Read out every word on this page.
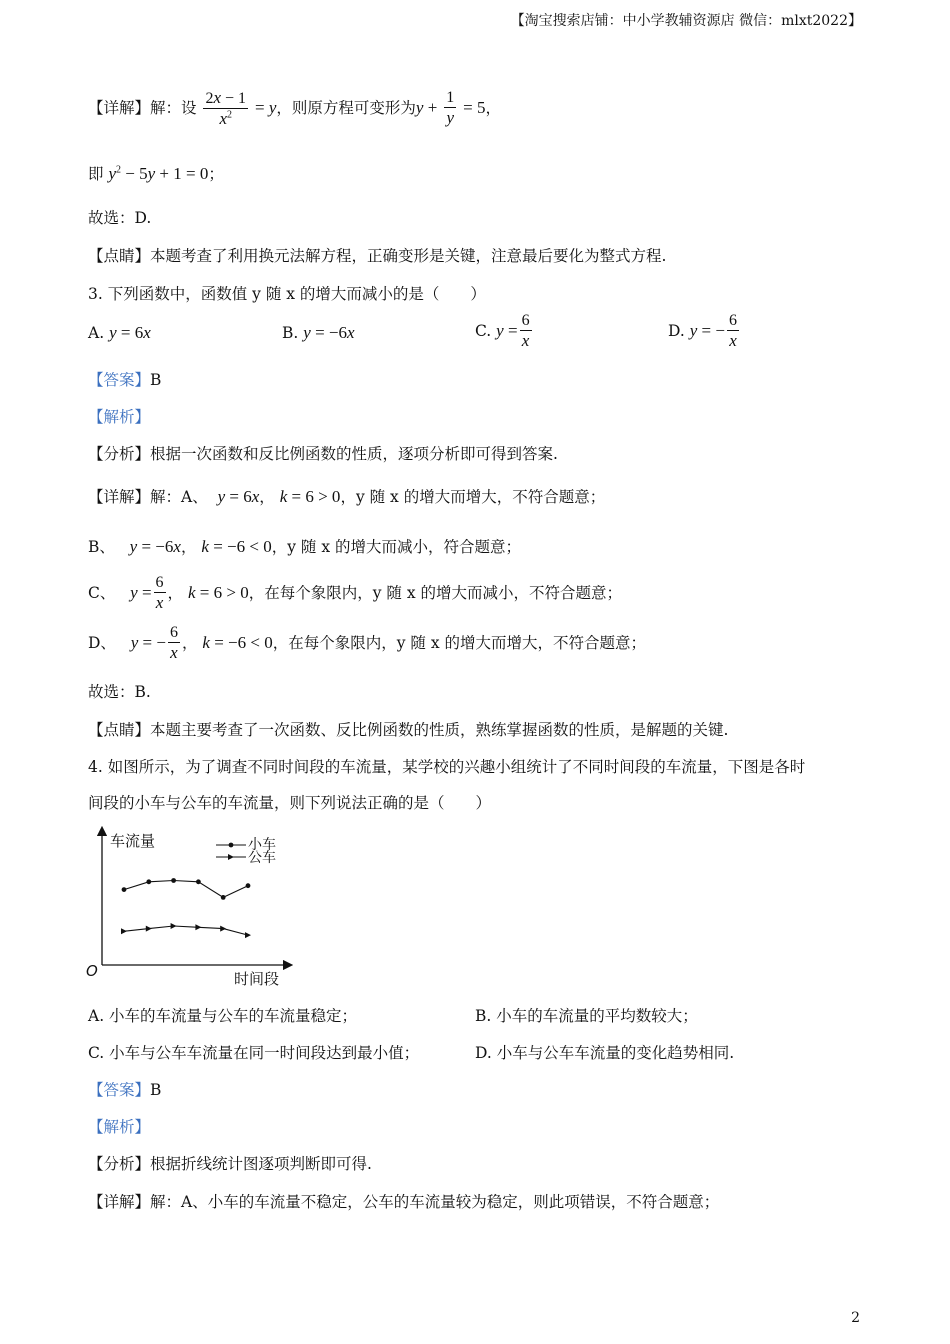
【淘宝搜索店铺：中小学教辅资源店 微信：mlxt2022】
【详解】解：设 $\frac{2x - 1}{x^2} = y$，则原方程可变形为$y + \frac{1}{y} = 5$，
即 $y^2 - 5y + 1 = 0$；
故选：D.
【点睛】本题考查了利用换元法解方程，正确变形是关键，注意最后要化为整式方程.
3. 下列函数中，函数值 y 随 x 的增大而减小的是（　　）
A. y = 6x	B. y = −6x	C. $y = \frac{6}{x}$	D. y = − $\frac{6}{x}$
【答案】B
【解析】
【分析】根据一次函数和反比例函数的性质，逐项分析即可得到答案.
【详解】解：A、 y = 6x， k = 6 > 0，y 随 x 的增大而增大，不符合题意；
B、 y = −6x， k = −6 < 0，y 随 x 的增大而减小，符合题意；
C、 $y = \frac{6}{x}$ ， k = 6 > 0，在每个象限内，y 随 x 的增大而减小，不符合题意；
D、 y = − $\frac{6}{x}$ ， k = −6 < 0，在每个象限内，y 随 x 的增大而增大，不符合题意；
故选：B.
【点睛】本题主要考查了一次函数、反比例函数的性质，熟练掌握函数的性质，是解题的关键.
4. 如图所示，为了调查不同时间段的车流量，某学校的兴趣小组统计了不同时间段的车流量，下图是各时
间段的小车与公车的车流量，则下列说法正确的是（　　）
车流量
时间段
O
小车
公车
A. 小车的车流量与公车的车流量稳定；	B. 小车的车流量的平均数较大；
C. 小车与公车车流量在同一时间段达到最小值；	D. 小车与公车车流量的变化趋势相同.
【答案】B
【解析】
【分析】根据折线统计图逐项判断即可得.
【详解】解：A、小车的车流量不稳定，公车的车流量较为稳定，则此项错误，不符合题意；
2
